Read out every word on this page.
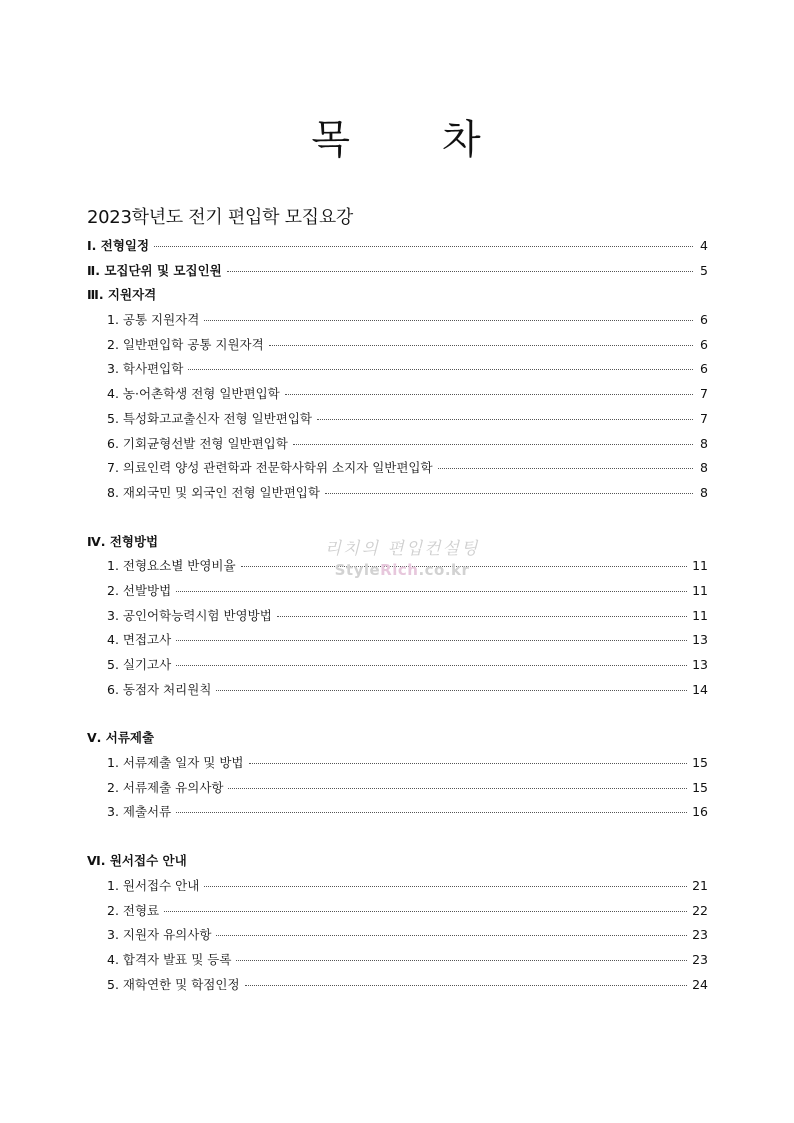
목 차
2023학년도 전기 편입학 모집요강
Ⅰ. 전형일정	4
Ⅱ. 모집단위 및 모집인원	5
Ⅲ. 지원자격
1. 공통 지원자격	6
2. 일반편입학 공통 지원자격	6
3. 학사편입학	6
4. 농·어촌학생 전형 일반편입학	7
5. 특성화고교출신자 전형 일반편입학	7
6. 기회균형선발 전형 일반편입학	8
7. 의료인력 양성 관련학과 전문학사학위 소지자 일반편입학	8
8. 재외국민 및 외국인 전형 일반편입학	8
Ⅳ. 전형방법
1. 전형요소별 반영비율	11
2. 선발방법	11
3. 공인어학능력시험 반영방법	11
4. 면접고사	13
5. 실기고사	13
6. 동점자 처리원칙	14
Ⅴ. 서류제출
1. 서류제출 일자 및 방법	15
2. 서류제출 유의사항	15
3. 제출서류	16
Ⅵ. 원서접수 안내
1. 원서접수 안내	21
2. 전형료	22
3. 지원자 유의사항	23
4. 합격자 발표 및 등록	23
5. 재학연한 및 학점인정	24
리치의 편입컨설팅
StyleRich.co.kr
